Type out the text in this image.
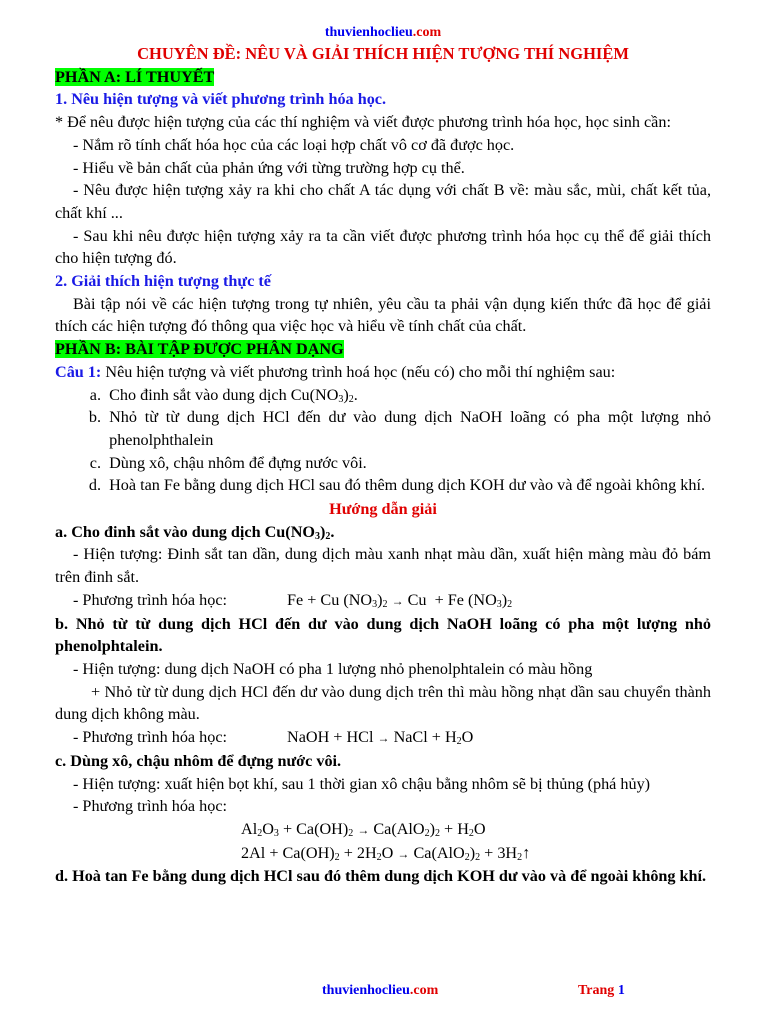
thuvienhoclieu.com
CHUYÊN ĐỀ: NÊU VÀ GIẢI THÍCH HIỆN TƯỢNG THÍ NGHIỆM
PHẦN A: LÍ THUYẾT
1. Nêu hiện tượng và viết phương trình hóa học.
* Để nêu được hiện tượng của các thí nghiệm và viết được phương trình hóa học, học sinh cần:
- Nắm rõ tính chất hóa học của các loại hợp chất vô cơ đã được học.
- Hiểu về bản chất của phản ứng với từng trường hợp cụ thể.
- Nêu được hiện tượng xảy ra khi cho chất A tác dụng với chất B về: màu sắc, mùi, chất kết tủa, chất khí ...
- Sau khi nêu được hiện tượng xảy ra ta cần viết được phương trình hóa học cụ thể để giải thích cho hiện tượng đó.
2. Giải thích hiện tượng thực tế
Bài tập nói về các hiện tượng trong tự nhiên, yêu cầu ta phải vận dụng kiến thức đã học để giải thích các hiện tượng đó thông qua việc học và hiểu về tính chất của chất.
PHẦN B: BÀI TẬP ĐƯỢC PHÂN DẠNG
Câu 1: Nêu hiện tượng và viết phương trình hoá học (nếu có) cho mỗi thí nghiệm sau:
a.
Cho đinh sắt vào dung dịch $Cu(NO_3)_2$.
b.
Nhỏ từ từ dung dịch HCl đến dư vào dung dịch NaOH loãng có pha một lượng nhỏ phenolphthalein
c.
Dùng xô, chậu nhôm để đựng nước vôi.
d.
Hoà tan Fe bằng dung dịch HCl sau đó thêm dung dịch KOH dư vào và để ngoài không khí.
Hướng dẫn giải
a. Cho đinh sắt vào dung dịch $Cu(NO_3)_2$.
- Hiện tượng: Đinh sắt tan dần, dung dịch màu xanh nhạt màu dần, xuất hiện màng màu đỏ bám trên đinh sắt.
- Phương trình hóa học:	Fe + Cu $(NO_3)_2 \to Cu + Fe$ $(NO_3)_2$
b. Nhỏ từ từ dung dịch HCl đến dư vào dung dịch NaOH loãng có pha một lượng nhỏ phenolphtalein.
- Hiện tượng: dung dịch NaOH có pha 1 lượng nhỏ phenolphtalein có màu hồng
+ Nhỏ từ từ dung dịch HCl đến dư vào dung dịch trên thì màu hồng nhạt dần sau chuyển thành dung dịch không màu.
- Phương trình hóa học:	NaOH + HCl → NaCl + $H_2O$
c. Dùng xô, chậu nhôm để đựng nước vôi.
- Hiện tượng: xuất hiện bọt khí, sau 1 thời gian xô chậu bằng nhôm sẽ bị thủng (phá hủy)
- Phương trình hóa học:
$Al_2O_3 + Ca(OH)_2 \to Ca(AlO_2)_2 + H_2O$
$2Al + Ca(OH)_2 + 2H_2O \to Ca(AlO_2)_2$ + $3H_2↑$
d. Hoà tan Fe bằng dung dịch HCl sau đó thêm dung dịch KOH dư vào và để ngoài không khí.
thuvienhoclieu.com	Trang 1
